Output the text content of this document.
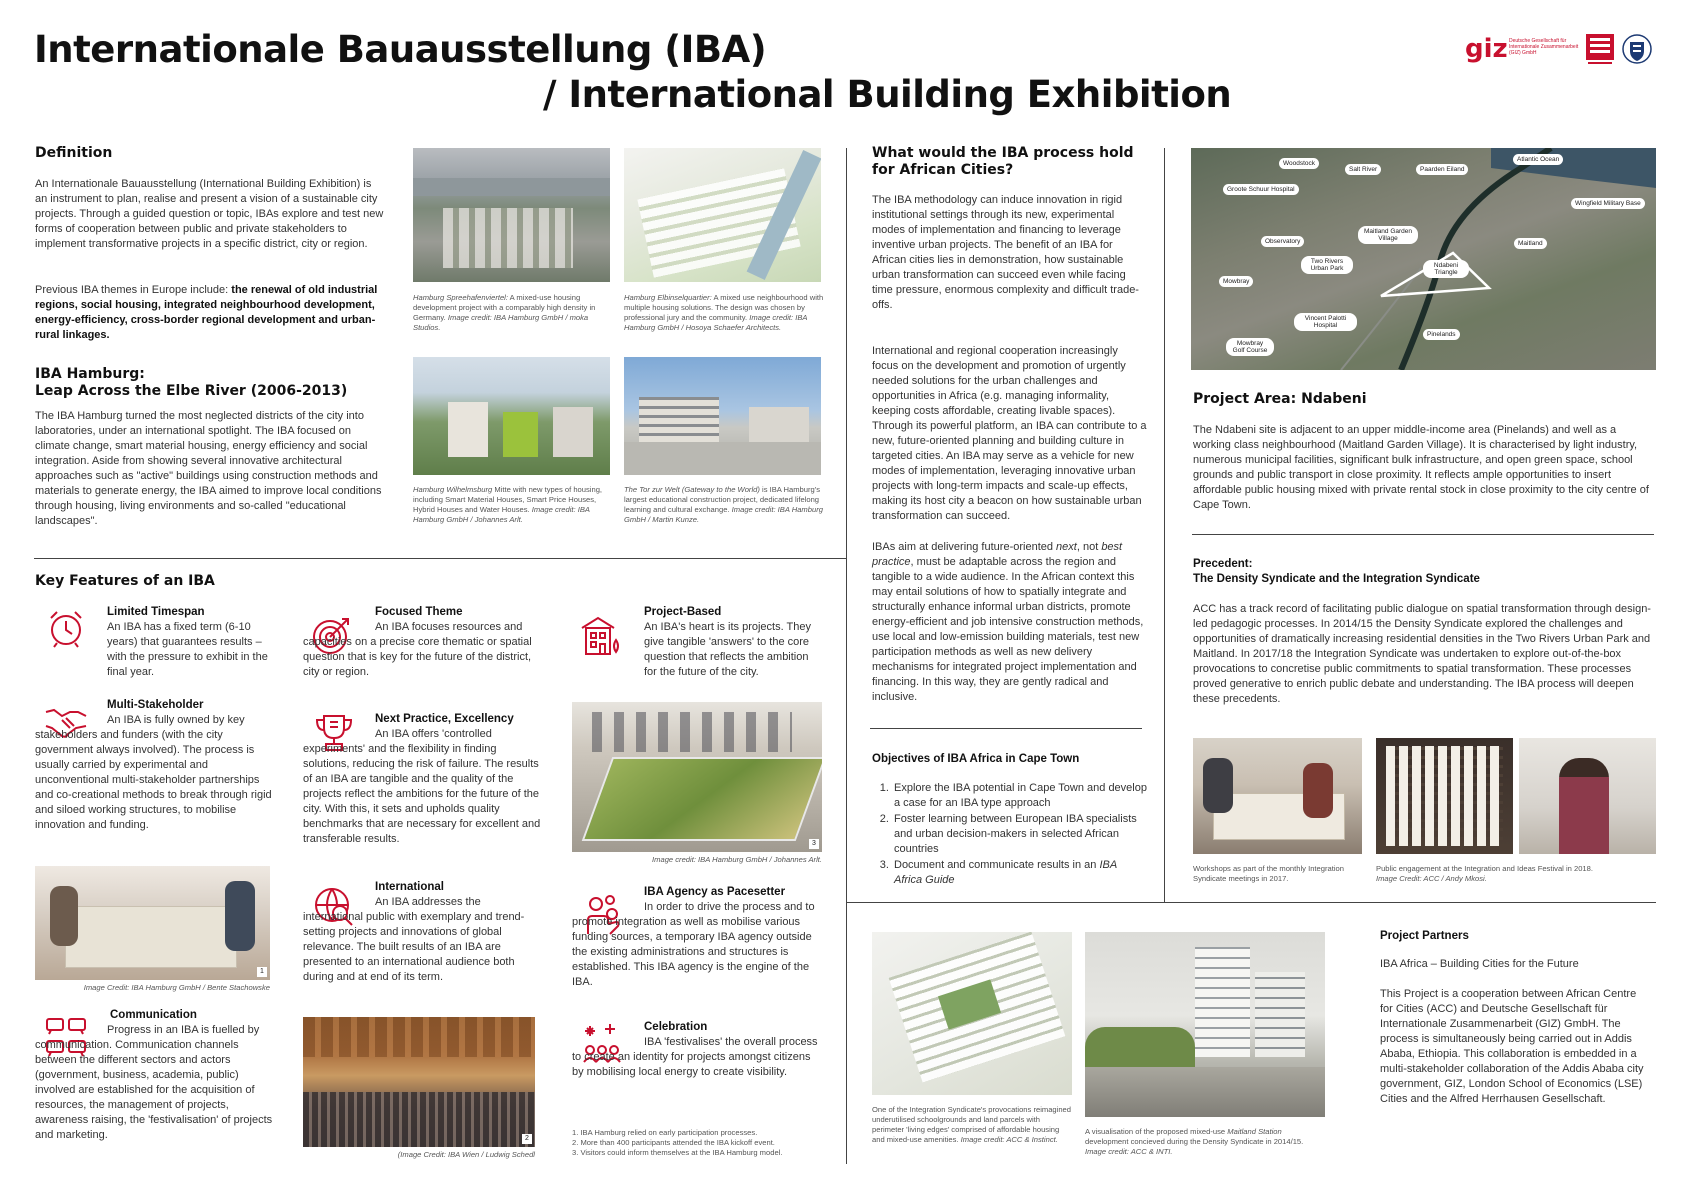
Internationale Bauausstellung (IBA)
/ International Building Exhibition
giz Deutsche Gesellschaft für Internationale Zusammenarbeit (GIZ) GmbH
Definition
An Internationale Bauausstellung (International Building Exhibition) is an instrument to plan, realise and present a vision of a sustainable city projects. Through a guided question or topic, IBAs explore and test new forms of cooperation between public and private stakeholders to implement transformative projects in a specific district, city or region.
Previous IBA themes in Europe include: the renewal of old industrial regions, social housing, integrated neighbourhood development, energy-efficiency, cross-border regional development and urban-rural linkages.
IBA Hamburg:
Leap Across the Elbe River (2006-2013)
The IBA Hamburg turned the most neglected districts of the city into laboratories, under an international spotlight. The IBA focused on climate change, smart material housing, energy efficiency and social integration. Aside from showing several innovative architectural approaches such as "active" buildings using construction methods and materials to generate energy, the IBA aimed to improve local conditions through housing, living environments and so-called "educational landscapes".
Hamburg Spreehafenviertel: A mixed-use housing development project with a comparably high density in Germany. Image credit: IBA Hamburg GmbH / moka Studios.
Hamburg Elbinselquartier: A mixed use neighbourhood with multiple housing solutions. The design was chosen by professional jury and the community. Image credit: IBA Hamburg GmbH / Hosoya Schaefer Architects.
Hamburg Wilhelmsburg Mitte with new types of housing, including Smart Material Houses, Smart Price Houses, Hybrid Houses and Water Houses. Image credit: IBA Hamburg GmbH / Johannes Arlt.
The Tor zur Welt (Gateway to the World) is IBA Hamburg's largest educational construction project, dedicated lifelong learning and cultural exchange. Image credit: IBA Hamburg GmbH / Martin Kunze.
Key Features of an IBA
Limited Timespan
An IBA has a fixed term (6-10 years) that guarantees results – with the pressure to exhibit in the final year.
Multi-Stakeholder
An IBA is fully owned by key stakeholders and funders (with the city government always involved). The process is usually carried by experimental and unconventional multi-stakeholder partnerships and co-creational methods to break through rigid and siloed working structures, to mobilise innovation and funding.
1
Image Credit: IBA Hamburg GmbH / Bente Stachowske
Communication
Progress in an IBA is fuelled by communication. Communication channels between the different sectors and actors (government, business, academia, public) involved are established for the acquisition of resources, the management of projects, awareness raising, the 'festivalisation' of projects and marketing.
Focused Theme
An IBA focuses resources and capacities on a precise core thematic or spatial question that is key for the future of the district, city or region.
Next Practice, Excellency
An IBA offers 'controlled experiments' and the flexibility in finding solutions, reducing the risk of failure. The results of an IBA are tangible and the quality of the projects reflect the ambitions for the future of the city. With this, it sets and upholds quality benchmarks that are necessary for excellent and transferable results.
International
An IBA addresses the international public with exemplary and trend-setting projects and innovations of global relevance. The built results of an IBA are presented to an international audience both during and at end of its term.
2
(Image Credit: IBA Wien / Ludwig Schedl
Project-Based
An IBA's heart is its projects. They give tangible 'answers' to the core question that reflects the ambition for the future of the city.
3
Image credit: IBA Hamburg GmbH / Johannes Arlt.
IBA Agency as Pacesetter
In order to drive the process and to promote integration as well as mobilise various funding sources, a temporary IBA agency outside the existing administrations and structures is established. This IBA agency is the engine of the IBA.
Celebration
IBA 'festivalises' the overall process to create an identity for projects amongst citizens by mobilising local energy to create visibility.
1. IBA Hamburg relied on early participation processes.
2. More than 400 participants attended the IBA kickoff event.
3. Visitors could inform themselves at the IBA Hamburg model.
What would the IBA process hold
for African Cities?
The IBA methodology can induce innovation in rigid institutional settings through its new, experimental modes of implementation and financing to leverage inventive urban projects. The benefit of an IBA for African cities lies in demonstration, how sustainable urban transformation can succeed even while facing time pressure, enormous complexity and difficult trade-offs.
International and regional cooperation increasingly focus on the development and promotion of urgently needed solutions for the urban challenges and opportunities in Africa (e.g. managing informality, keeping costs affordable, creating livable spaces). Through its powerful platform, an IBA can contribute to a new, future-oriented planning and building culture in targeted cities. An IBA may serve as a vehicle for new modes of implementation, leveraging innovative urban projects with long-term impacts and scale-up effects, making its host city a beacon on how sustainable urban transformation can succeed.
IBAs aim at delivering future-oriented next, not best practice, must be adaptable across the region and tangible to a wide audience. In the African context this may entail solutions of how to spatially integrate and structurally enhance informal urban districts, promote energy-efficient and job intensive construction methods, use local and low-emission building materials, test new participation methods as well as new delivery mechanisms for integrated project implementation and financing. In this way, they are gently radical and inclusive.
Objectives of IBA Africa in Cape Town
1. Explore the IBA potential in Cape Town and develop a case for an IBA type approach
2. Foster learning between European IBA specialists and urban decision-makers in selected African countries
3. Document and communicate results in an IBA Africa Guide
Woodstock
Salt River	Paarden Eiland
Atlantic Ocean
Groote Schuur Hospital
Wingfield Military Base
Observatory
Maitland Garden Village
Maitland
Two Rivers Urban Park	Ndabeni Triangle
Mowbray
Vincent Palotti Hospital
Pinelands
Mowbray Golf Course
Project Area: Ndabeni
The Ndabeni site is adjacent to an upper middle-income area (Pinelands) and well as a working class neighbourhood (Maitland Garden Village). It is characterised by light industry, numerous municipal facilities, significant bulk infrastructure, and open green space, school grounds and public transport in close proximity. It reflects ample opportunities to insert affordable public housing mixed with private rental stock in close proximity to the city centre of Cape Town.
Precedent:
The Density Syndicate and the Integration Syndicate
ACC has a track record of facilitating public dialogue on spatial transformation through design-led pedagogic processes. In 2014/15 the Density Syndicate explored the challenges and opportunities of dramatically increasing residential densities in the Two Rivers Urban Park and Maitland. In 2017/18 the Integration Syndicate was undertaken to explore out-of-the-box provocations to concretise public commitments to spatial transformation. These processes proved generative to enrich public debate and understanding. The IBA process will deepen these precedents.
Workshops as part of the monthly Integration Syndicate meetings in 2017.
Public engagement at the Integration and Ideas Festival in 2018.
Image Credit: ACC / Andy Mkosi.
One of the Integration Syndicate's provocations reimagined underutilised schoolgrounds and land parcels with perimeter 'living edges' comprised of affordable housing and mixed-use amenities. Image credit: ACC & Instinct.
A visualisation of the proposed mixed-use Maitland Station development concieved during the Density Syndicate in 2014/15. Image credit: ACC & INTI.
Project Partners
IBA Africa – Building Cities for the Future
This Project is a cooperation between African Centre for Cities (ACC) and Deutsche Gesellschaft für Internationale Zusammenarbeit (GIZ) GmbH. The process is simultaneously being carried out in Addis Ababa, Ethiopia. This collaboration is embedded in a multi-stakeholder collaboration of the Addis Ababa city government, GIZ, London School of Economics (LSE) Cities and the Alfred Herrhausen Gesellschaft.
